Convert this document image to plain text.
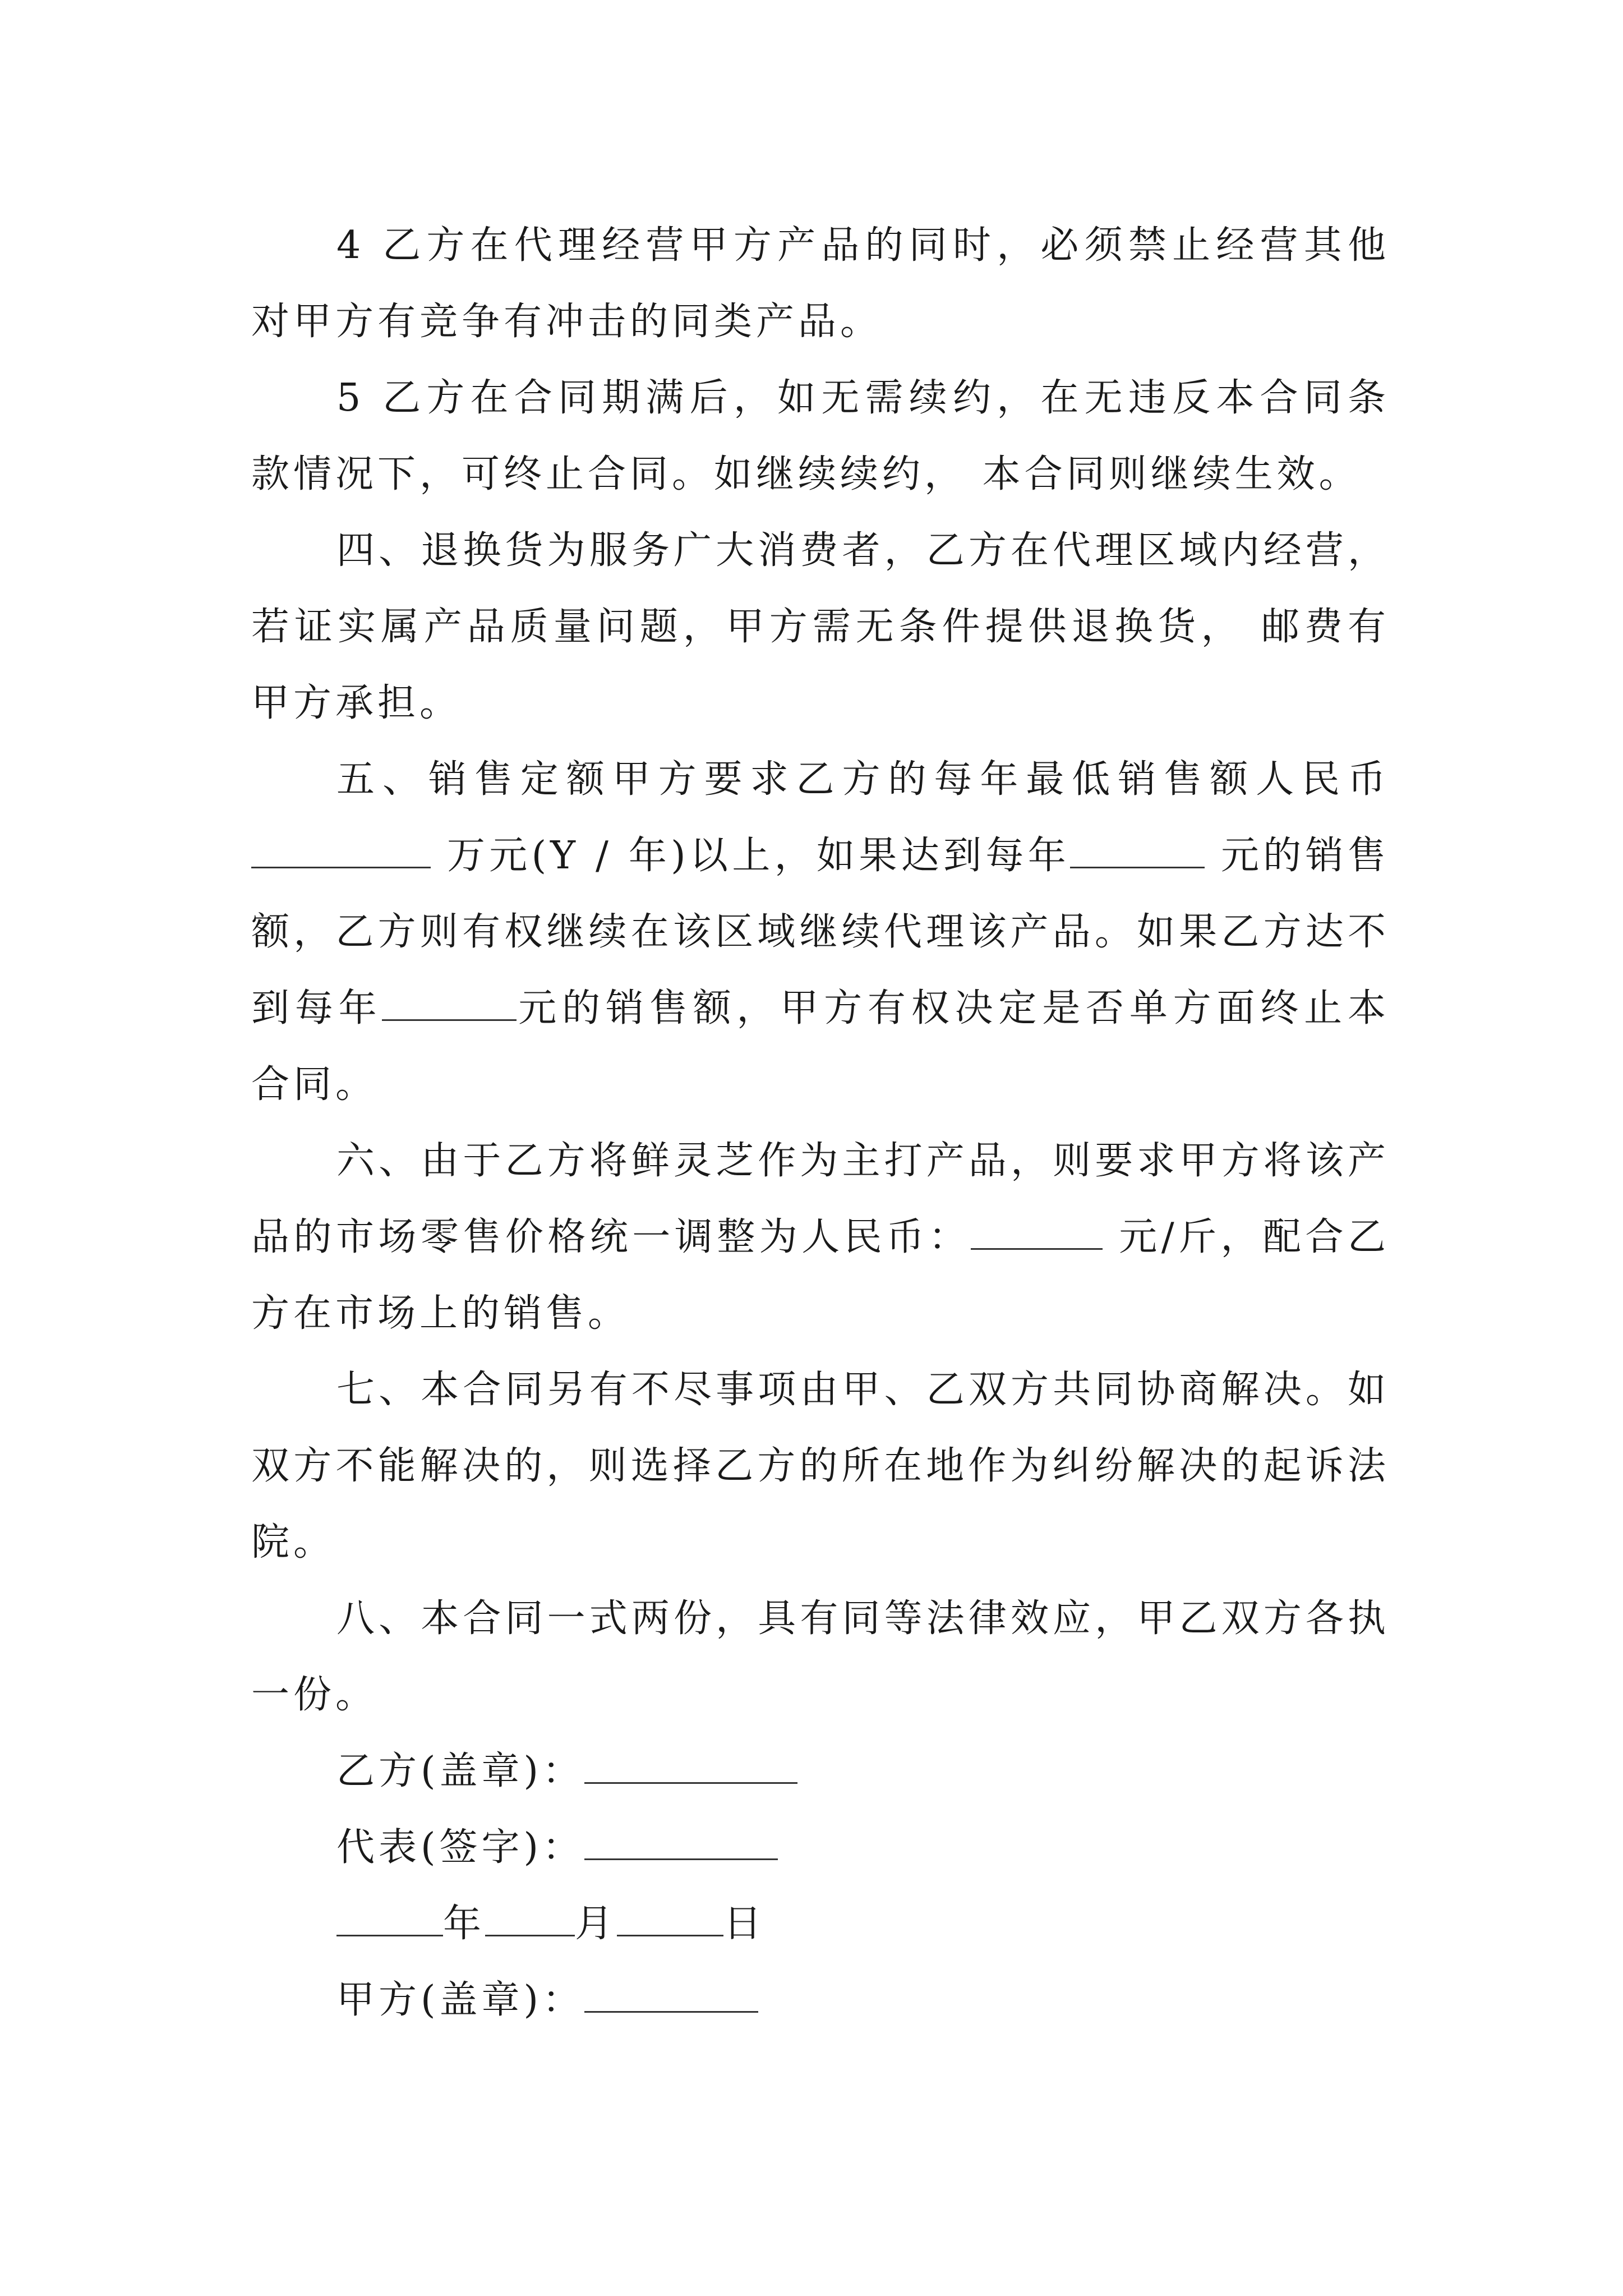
4 乙方在代理经营甲方产品的同时，必须禁止经营其他对甲方有竞争有冲击的同类产品。

5 乙方在合同期满后，如无需续约，在无违反本合同条款情况下，可终止合同。如继续续约， 本合同则继续生效。

四、退换货为服务广大消费者，乙方在代理区域内经营，若证实属产品质量问题，甲方需无条件提供退换货， 邮费有甲方承担。

五、销售定额甲方要求乙方的每年最低销售额人民币 万元(Y / 年)以上，如果达到每年	元的销售额，乙方则有权继续在该区域继续代理该产品。如果乙方达不到每年	元的销售额，甲方有权决定是否单方面终止本合同。

六、由于乙方将鲜灵芝作为主打产品，则要求甲方将该产品的市场零售价格统一调整为人民币：	元/斤，配合乙方在市场上的销售。

七、本合同另有不尽事项由甲、乙双方共同协商解决。如双方不能解决的，则选择乙方的所在地作为纠纷解决的起诉法院。

八、本合同一式两份，具有同等法律效应，甲乙双方各执一份。

乙方(盖章)：

代表(签字)：

年 月	日

甲方(盖章)：
